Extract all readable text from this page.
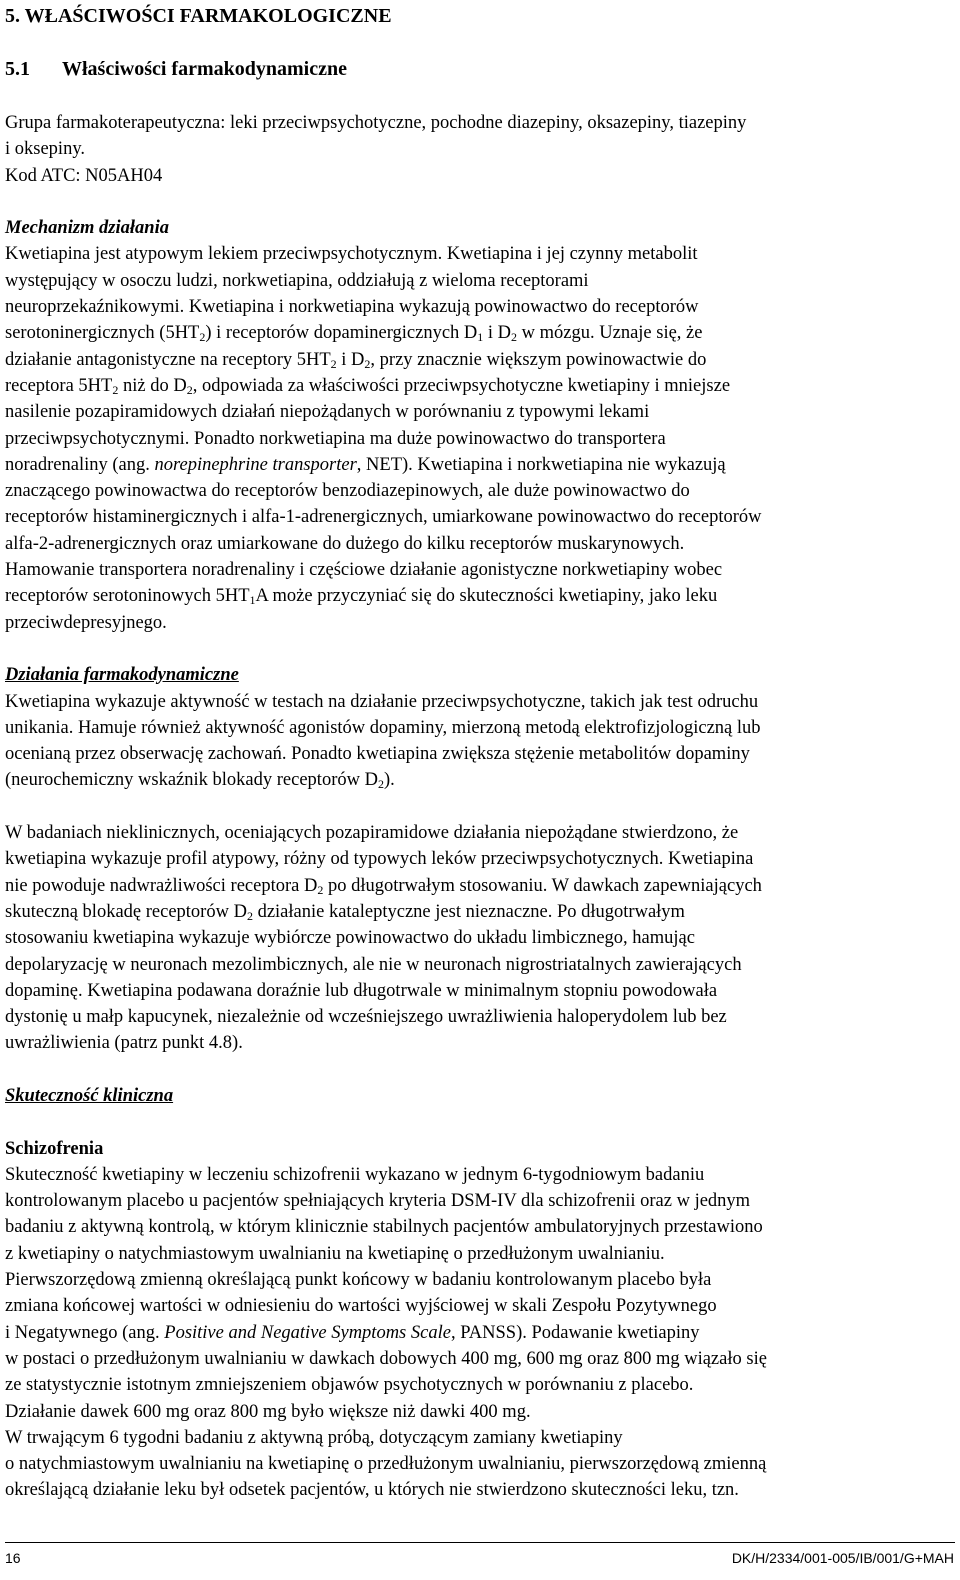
5. WŁAŚCIWOŚCI FARMAKOLOGICZNE
5.1 Właściwości farmakodynamiczne
Grupa farmakoterapeutyczna: leki przeciwpsychotyczne, pochodne diazepiny, oksazepiny, tiazepiny
i oksepiny.
Kod ATC: N05AH04
Mechanizm działania
Kwetiapina jest atypowym lekiem przeciwpsychotycznym. Kwetiapina i jej czynny metabolit
występujący w osoczu ludzi, norkwetiapina, oddziałują z wieloma receptorami
neuroprzekaźnikowymi. Kwetiapina i norkwetiapina wykazują powinowactwo do receptorów
serotoninergicznych $(5HT_2)$ i receptorów dopaminergicznych $D_1$ i $D_2$ w mózgu. Uznaje się, że
działanie antagonistyczne na receptory $5HT_2$ i $D_2$, przy znacznie większym powinowactwie do
receptora $5HT_2$ niż do $D_2$, odpowiada za właściwości przeciwpsychotyczne kwetiapiny i mniejsze
nasilenie pozapiramidowych działań niepożądanych w porównaniu z typowymi lekami
przeciwpsychotycznymi. Ponadto norkwetiapina ma duże powinowactwo do transportera
noradrenaliny (ang. norepinephrine transporter, NET). Kwetiapina i norkwetiapina nie wykazują
znaczącego powinowactwa do receptorów benzodiazepinowych, ale duże powinowactwo do
receptorów histaminergicznych i alfa-1-adrenergicznych, umiarkowane powinowactwo do receptorów
alfa-2-adrenergicznych oraz umiarkowane do dużego do kilku receptorów muskarynowych.
Hamowanie transportera noradrenaliny i częściowe działanie agonistyczne norkwetiapiny wobec
receptorów serotoninowych $5HT_1A$ może przyczyniać się do skuteczności kwetiapiny, jako leku
przeciwdepresyjnego.
Działania farmakodynamiczne
Kwetiapina wykazuje aktywność w testach na działanie przeciwpsychotyczne, takich jak test odruchu
unikania. Hamuje również aktywność agonistów dopaminy, mierzoną metodą elektrofizjologiczną lub
ocenianą przez obserwację zachowań. Ponadto kwetiapina zwiększa stężenie metabolitów dopaminy
(neurochemiczny wskaźnik blokady receptorów $D_2$).
W badaniach nieklinicznych, oceniających pozapiramidowe działania niepożądane stwierdzono, że
kwetiapina wykazuje profil atypowy, różny od typowych leków przeciwpsychotycznych. Kwetiapina
nie powoduje nadwrażliwości receptora $D_2$ po długotrwałym stosowaniu. W dawkach zapewniających
skuteczną blokadę receptorów $D_2$ działanie kataleptyczne jest nieznaczne. Po długotrwałym
stosowaniu kwetiapina wykazuje wybiórcze powinowactwo do układu limbicznego, hamując
depolaryzację w neuronach mezolimbicznych, ale nie w neuronach nigrostriatalnych zawierających
dopaminę. Kwetiapina podawana doraźnie lub długotrwale w minimalnym stopniu powodowała
dystonię u małp kapucynek, niezależnie od wcześniejszego uwrażliwienia haloperydolem lub bez
uwrażliwienia (patrz punkt 4.8).
Skuteczność kliniczna
Schizofrenia
Skuteczność kwetiapiny w leczeniu schizofrenii wykazano w jednym 6-tygodniowym badaniu
kontrolowanym placebo u pacjentów spełniających kryteria DSM-IV dla schizofrenii oraz w jednym
badaniu z aktywną kontrolą, w którym klinicznie stabilnych pacjentów ambulatoryjnych przestawiono
z kwetiapiny o natychmiastowym uwalnianiu na kwetiapinę o przedłużonym uwalnianiu.
Pierwszorzędową zmienną określającą punkt końcowy w badaniu kontrolowanym placebo była
zmiana końcowej wartości w odniesieniu do wartości wyjściowej w skali Zespołu Pozytywnego
i Negatywnego (ang. Positive and Negative Symptoms Scale, PANSS). Podawanie kwetiapiny
w postaci o przedłużonym uwalnianiu w dawkach dobowych 400 mg, 600 mg oraz 800 mg wiązało się
ze statystycznie istotnym zmniejszeniem objawów psychotycznych w porównaniu z placebo.
Działanie dawek 600 mg oraz 800 mg było większe niż dawki 400 mg.
W trwającym 6 tygodni badaniu z aktywną próbą, dotyczącym zamiany kwetiapiny
o natychmiastowym uwalnianiu na kwetiapinę o przedłużonym uwalnianiu, pierwszorzędową zmienną
określającą działanie leku był odsetek pacjentów, u których nie stwierdzono skuteczności leku, tzn.
16	DK/H/2334/001-005/IB/001/G+MAH
